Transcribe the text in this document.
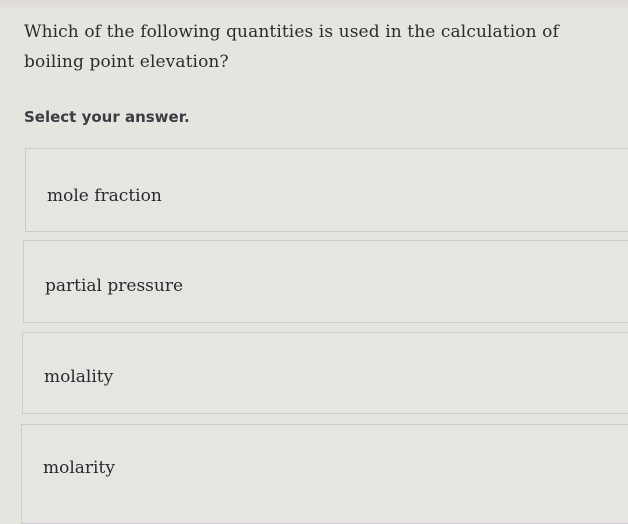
Which of the following quantities is used in the calculation of boiling point elevation?

Select your answer.

mole fraction
partial pressure
molality
molarity
